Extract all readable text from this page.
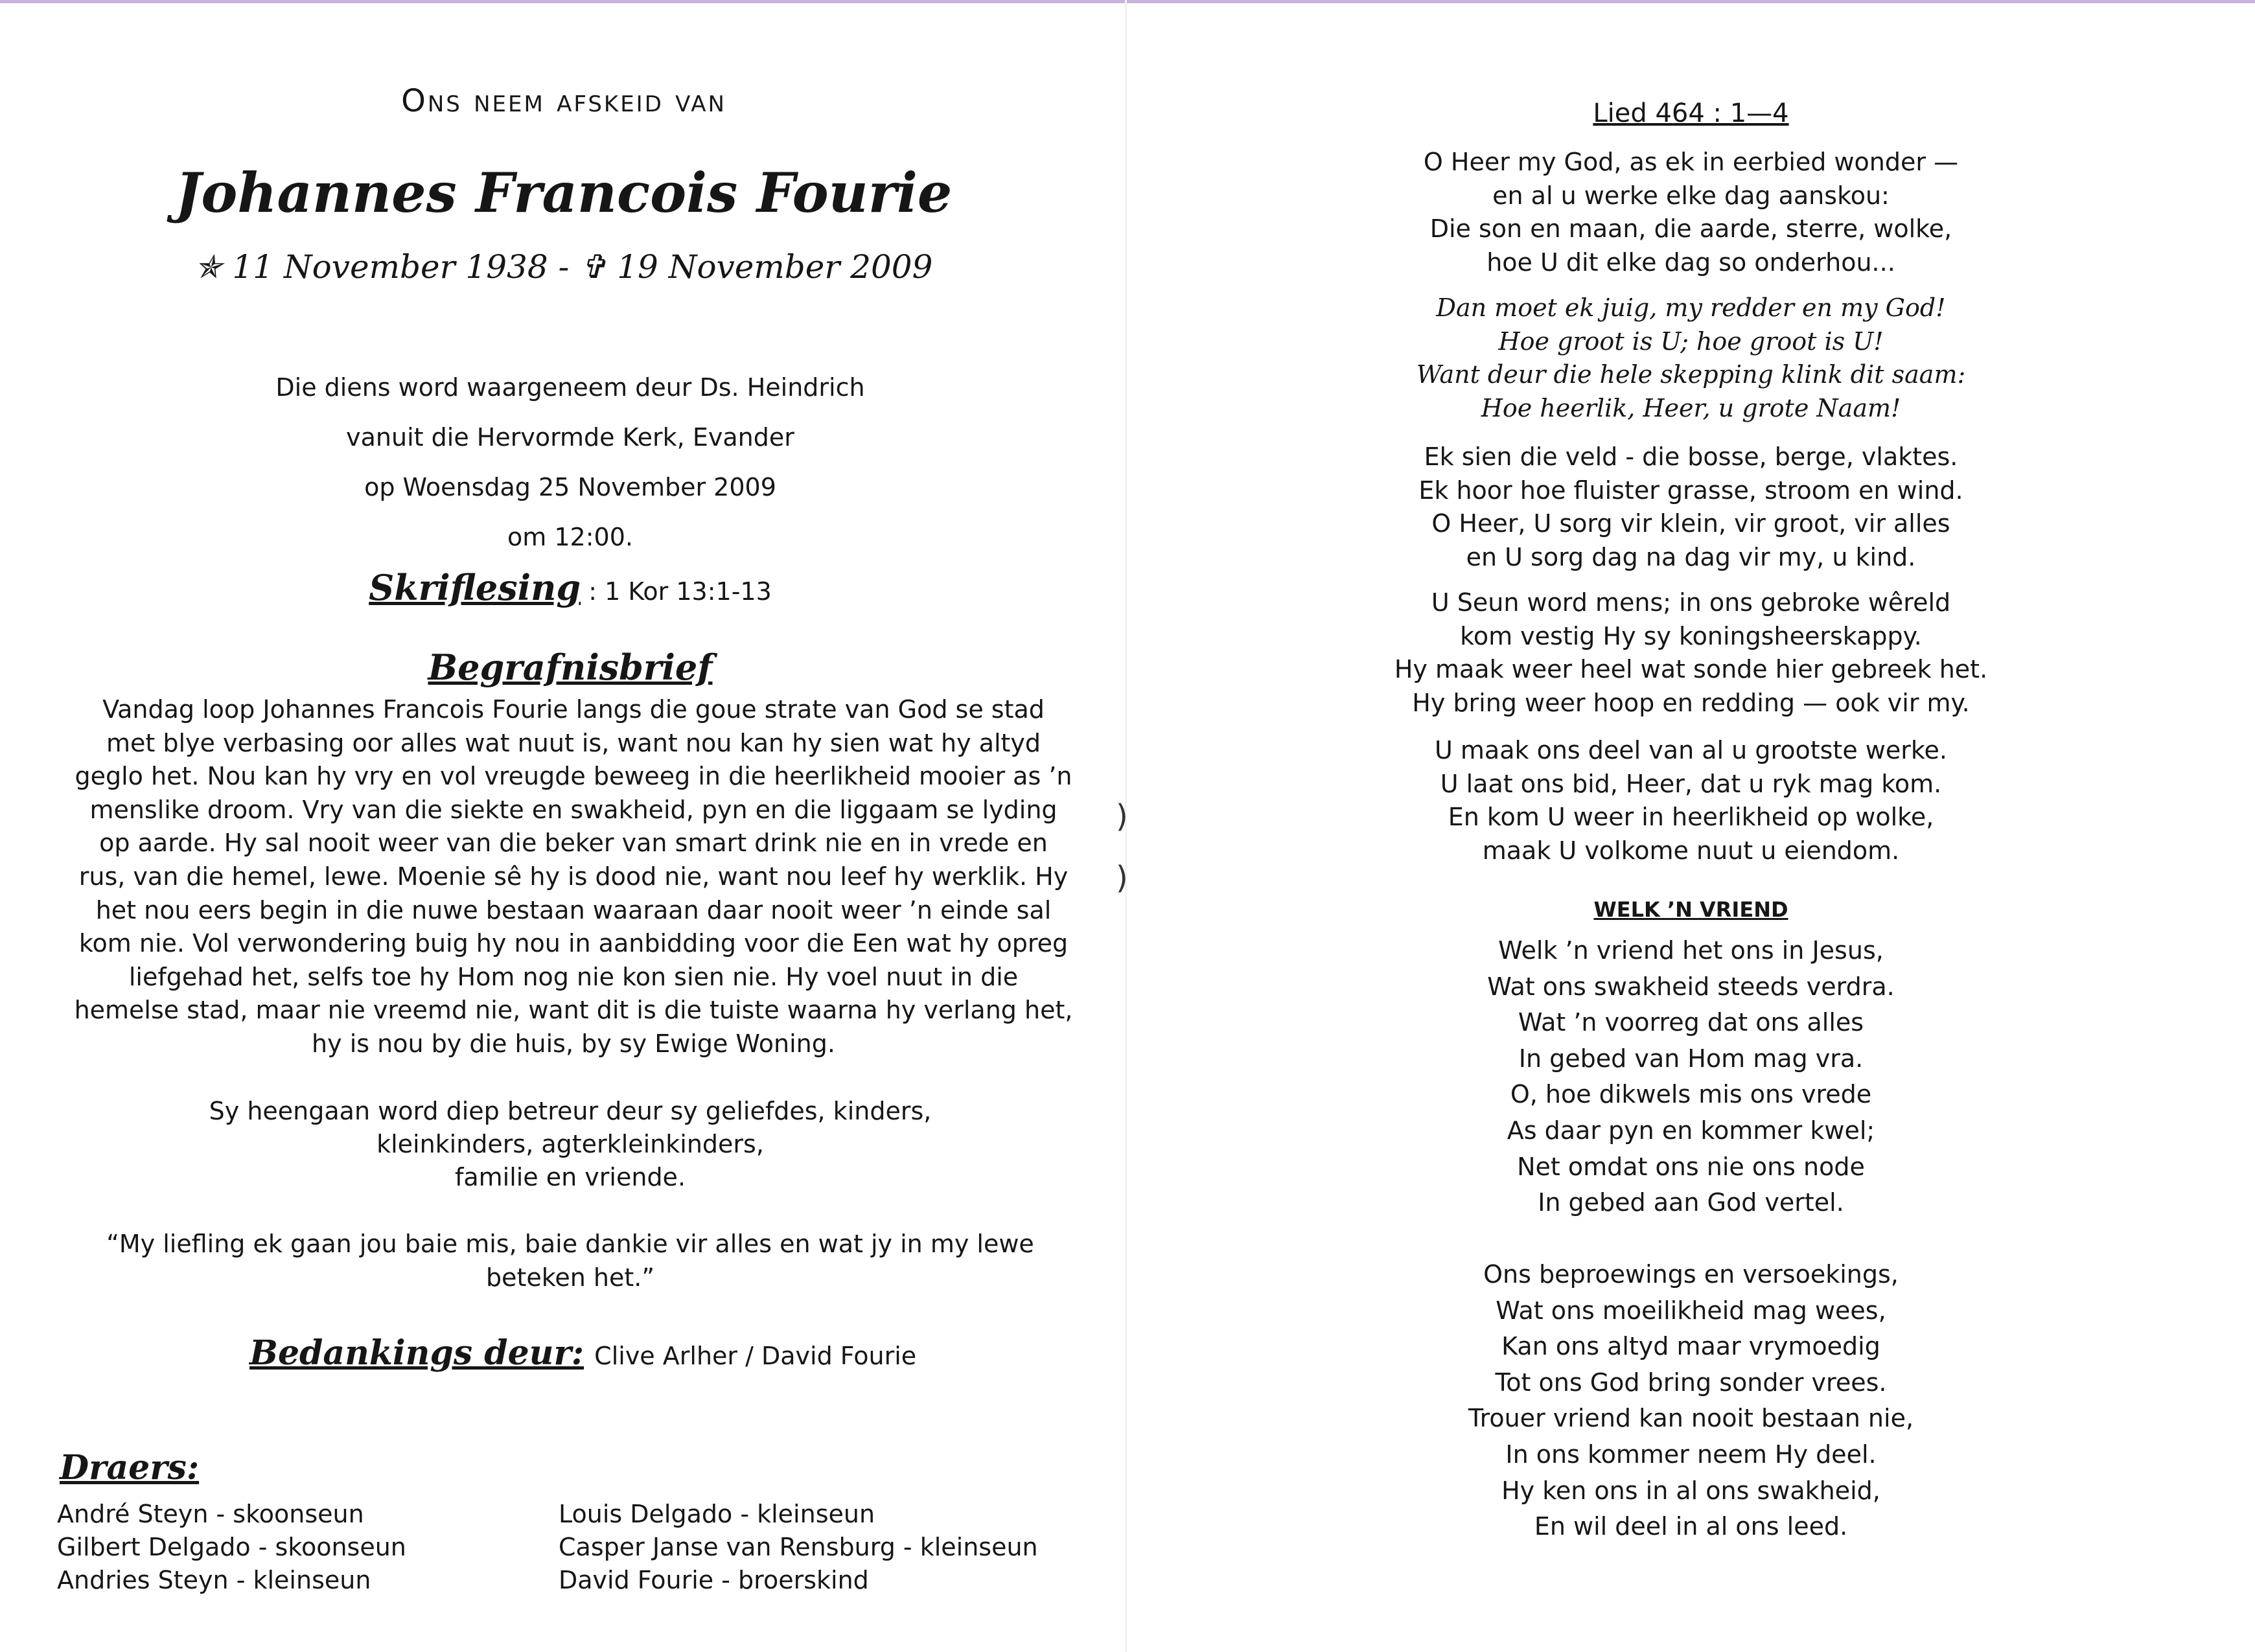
Ons neem afskeid van
Johannes Francois Fourie
✯ 11 November 1938 - ✞ 19 November 2009
Die diens word waargeneem deur Ds. Heindrich
vanuit die Hervormde Kerk, Evander
op Woensdag 25 November 2009
om 12:00.
Skriflesing : 1 Kor 13:1-13
Begrafnisbrief
Vandag loop Johannes Francois Fourie langs die goue strate van God se stad
met blye verbasing oor alles wat nuut is, want nou kan hy sien wat hy altyd
geglo het. Nou kan hy vry en vol vreugde beweeg in die heerlikheid mooier as ’n
menslike droom. Vry van die siekte en swakheid, pyn en die liggaam se lyding
op aarde. Hy sal nooit weer van die beker van smart drink nie en in vrede en
rus, van die hemel, lewe. Moenie sê hy is dood nie, want nou leef hy werklik. Hy
het nou eers begin in die nuwe bestaan waaraan daar nooit weer ’n einde sal
kom nie. Vol verwondering buig hy nou in aanbidding voor die Een wat hy opreg
liefgehad het, selfs toe hy Hom nog nie kon sien nie. Hy voel nuut in die
hemelse stad, maar nie vreemd nie, want dit is die tuiste waarna hy verlang het,
hy is nou by die huis, by sy Ewige Woning.
)
)
Sy heengaan word diep betreur deur sy geliefdes, kinders,
kleinkinders, agterkleinkinders,
familie en vriende.
“My liefling ek gaan jou baie mis, baie dankie vir alles en wat jy in my lewe
beteken het.”
Bedankings deur: Clive Arlher / David Fourie
Draers:
André Steyn - skoonseun
Gilbert Delgado - skoonseun
Andries Steyn - kleinseun
Louis Delgado - kleinseun
Casper Janse van Rensburg - kleinseun
David Fourie - broerskind
Lied 464 : 1—4
O Heer my God, as ek in eerbied wonder —
en al u werke elke dag aanskou:
Die son en maan, die aarde, sterre, wolke,
hoe U dit elke dag so onderhou...
Dan moet ek juig, my redder en my God!
Hoe groot is U; hoe groot is U!
Want deur die hele skepping klink dit saam:
Hoe heerlik, Heer, u grote Naam!
Ek sien die veld - die bosse, berge, vlaktes.
Ek hoor hoe fluister grasse, stroom en wind.
O Heer, U sorg vir klein, vir groot, vir alles
en U sorg dag na dag vir my, u kind.
U Seun word mens; in ons gebroke wêreld
kom vestig Hy sy koningsheerskappy.
Hy maak weer heel wat sonde hier gebreek het.
Hy bring weer hoop en redding — ook vir my.
U maak ons deel van al u grootste werke.
U laat ons bid, Heer, dat u ryk mag kom.
En kom U weer in heerlikheid op wolke,
maak U volkome nuut u eiendom.
WELK ’N VRIEND
Welk ’n vriend het ons in Jesus,
Wat ons swakheid steeds verdra.
Wat ’n voorreg dat ons alles
In gebed van Hom mag vra.
O, hoe dikwels mis ons vrede
As daar pyn en kommer kwel;
Net omdat ons nie ons node
In gebed aan God vertel.
Ons beproewings en versoekings,
Wat ons moeilikheid mag wees,
Kan ons altyd maar vrymoedig
Tot ons God bring sonder vrees.
Trouer vriend kan nooit bestaan nie,
In ons kommer neem Hy deel.
Hy ken ons in al ons swakheid,
En wil deel in al ons leed.
